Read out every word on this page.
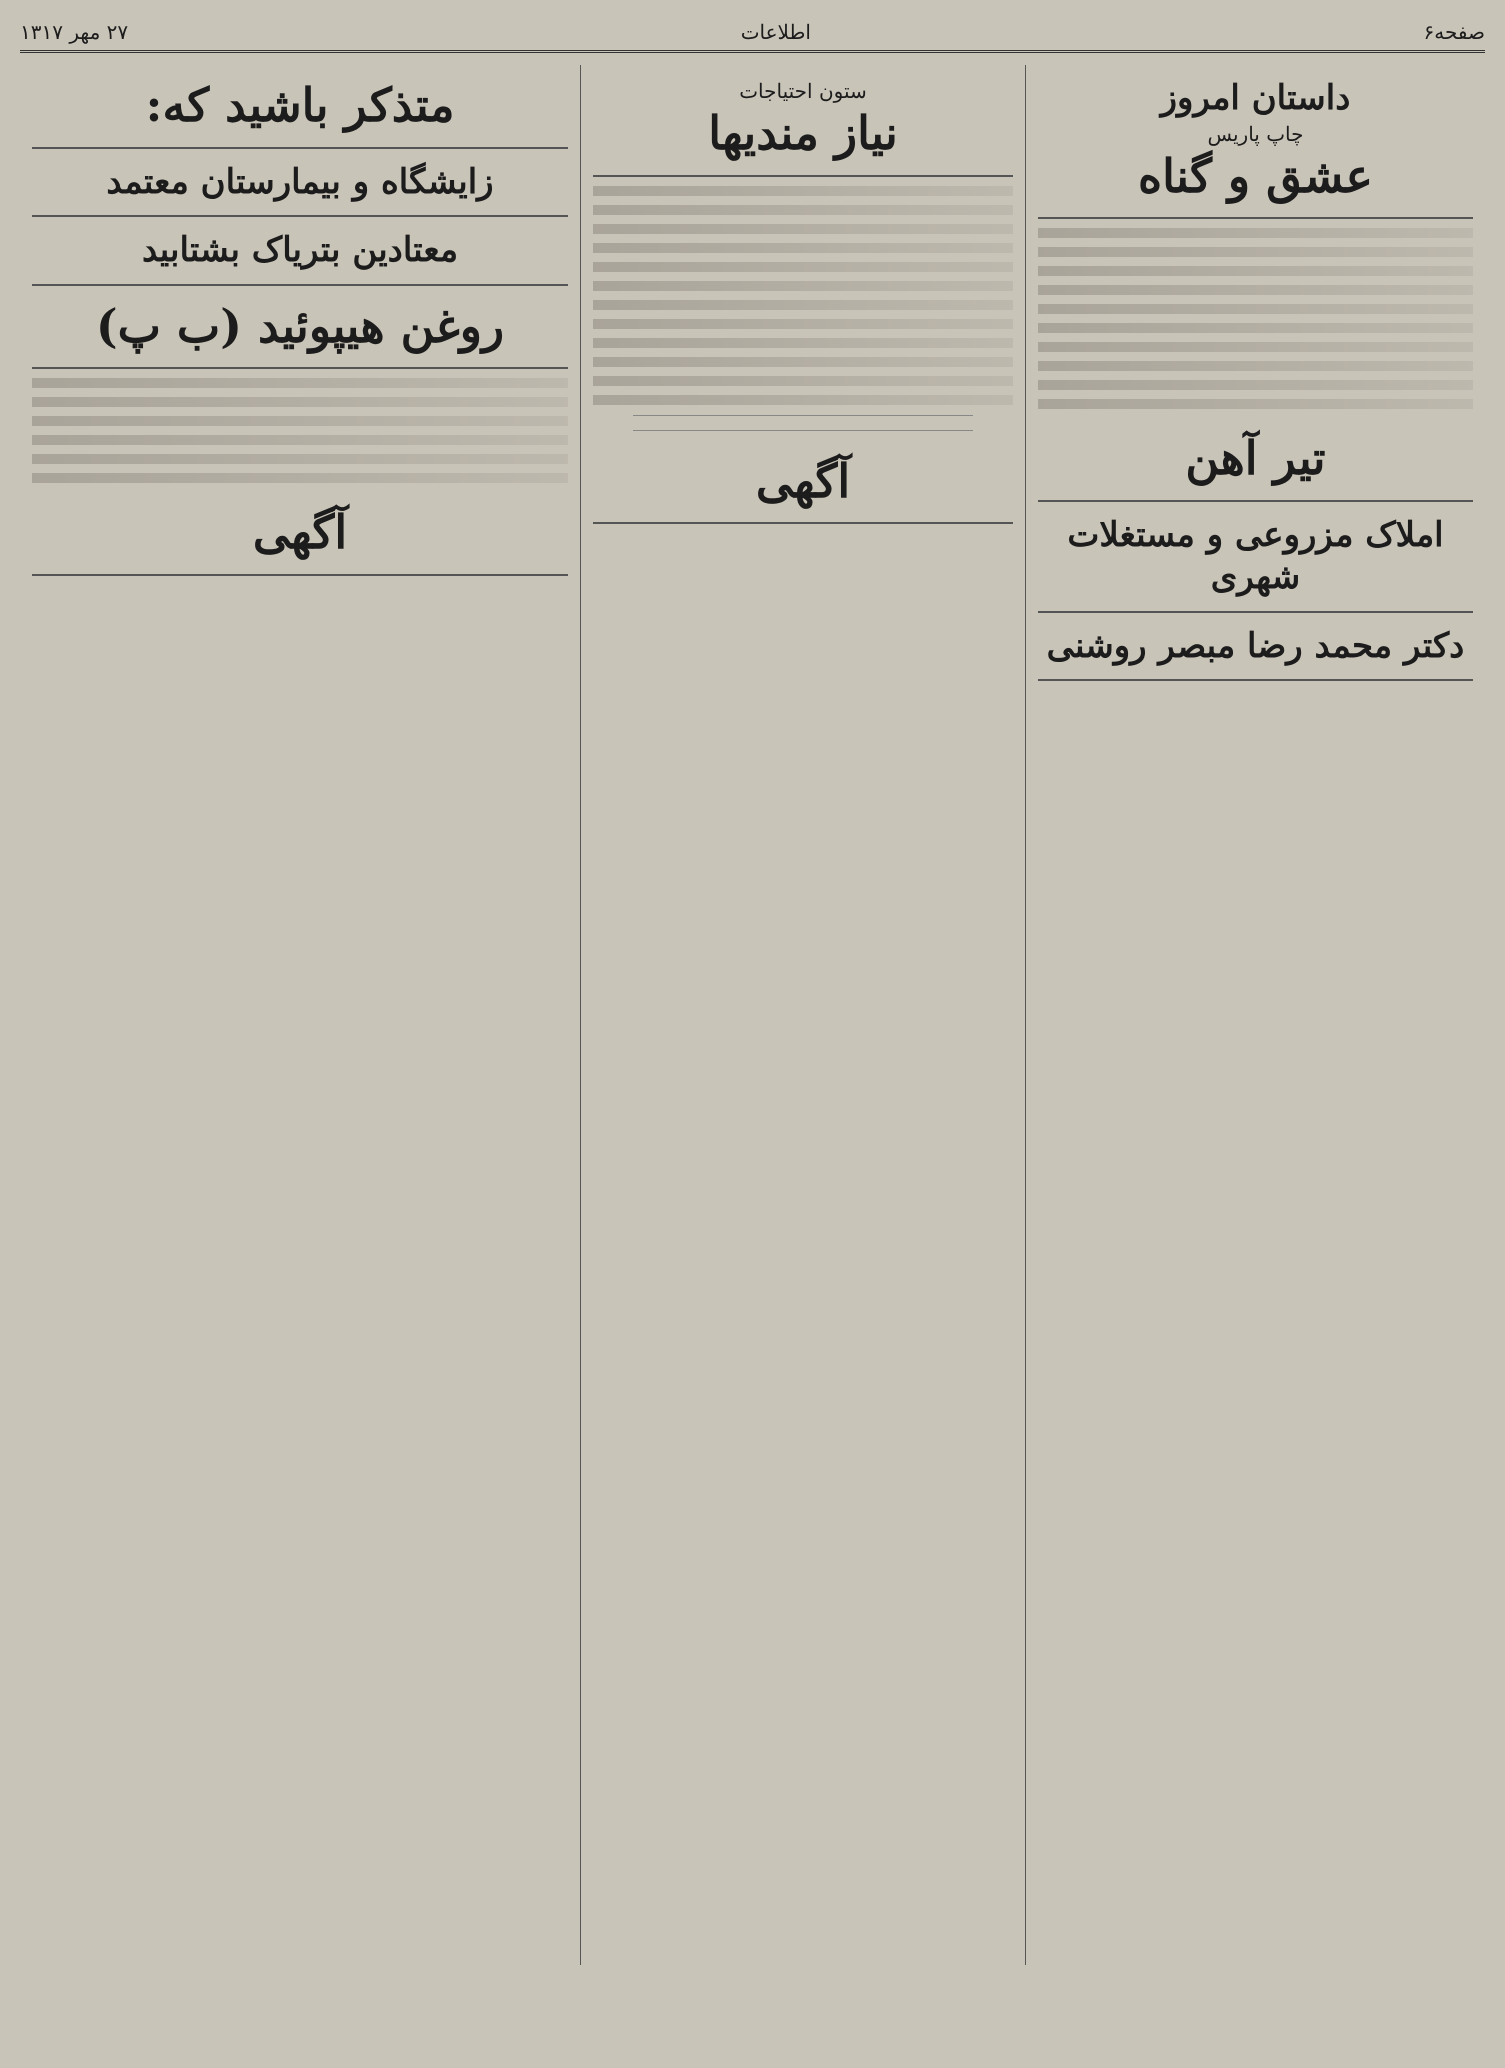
صفحه۶
اطلاعات
۲۷ مهر ۱۳۱۷
داستان امروز
چاپ پاریس
عشق و گناه
تیر آهن
املاک مزروعی و مستغلات شهری
دکتر محمد رضا مبصر روشنی
ستون احتیاجات
نیاز مندیها
آگهی
متذکر باشید که:
زایشگاه و بیمارستان معتمد
معتادین بتریاک بشتابید
روغن هیپوئید (ب پ)
آگهی
